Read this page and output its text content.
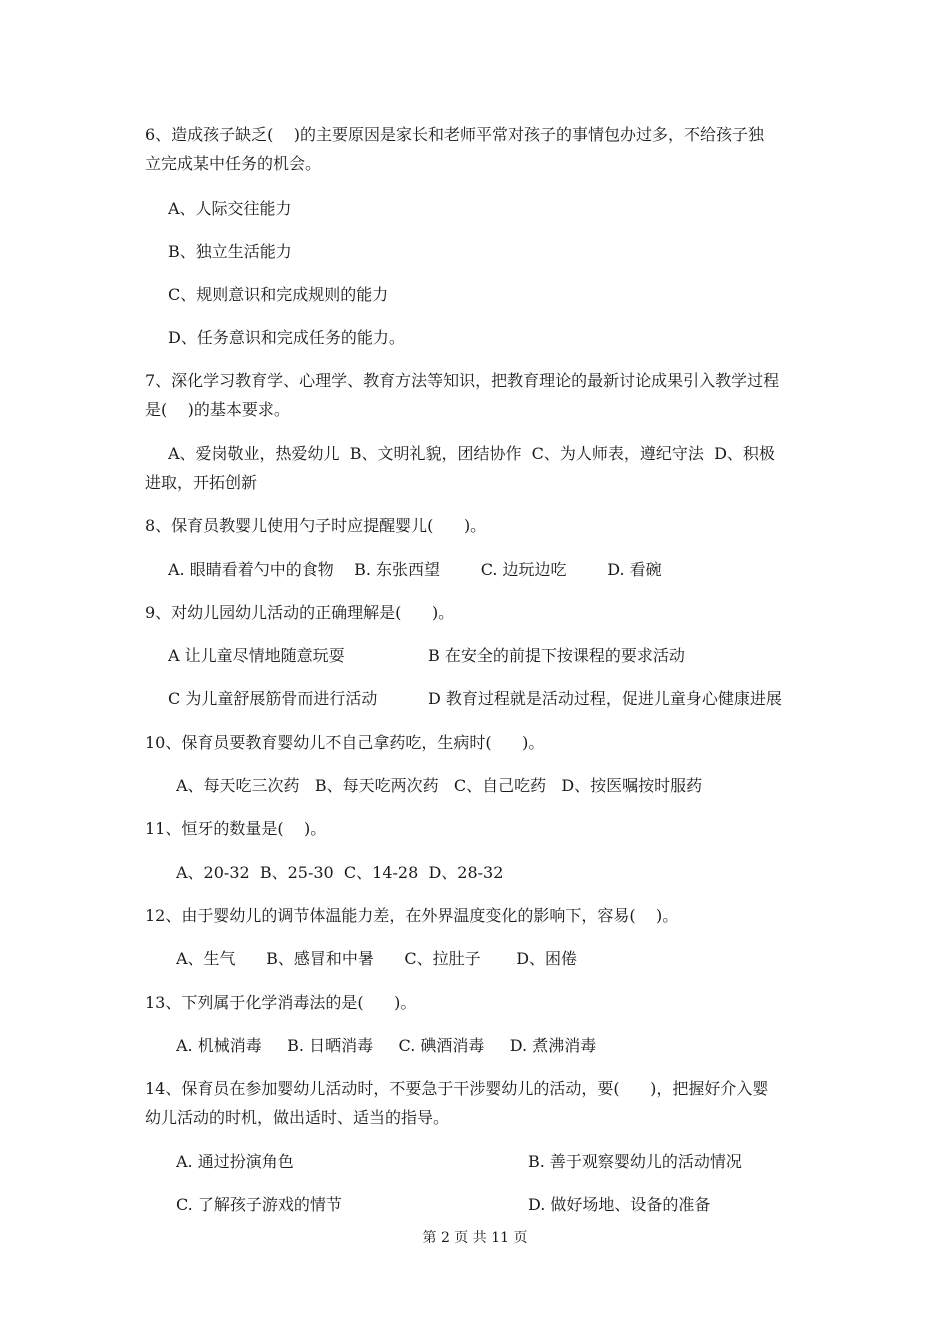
6、造成孩子缺乏(    )的主要原因是家长和老师平常对孩子的事情包办过多，不给孩子独

立完成某中任务的机会。

A、人际交往能力

B、独立生活能力

C、规则意识和完成规则的能力

D、任务意识和完成任务的能力。

7、深化学习教育学、心理学、教育方法等知识，把教育理论的最新讨论成果引入教学过程

是(    )的基本要求。

A、爱岗敬业，热爱幼儿  B、文明礼貌，团结协作  C、为人师表，遵纪守法  D、积极

进取，开拓创新

8、保育员教婴儿使用勺子时应提醒婴儿(      )。

A. 眼睛看着勺中的食物    B. 东张西望        C. 边玩边吃        D. 看碗

9、对幼儿园幼儿活动的正确理解是(      )。

A 让儿童尽情地随意玩耍	B 在安全的前提下按课程的要求活动

C 为儿童舒展筋骨而进行活动	D 教育过程就是活动过程，促进儿童身心健康进展

10、保育员要教育婴幼儿不自己拿药吃，生病时(      )。

A、每天吃三次药   B、每天吃两次药   C、自己吃药   D、按医嘱按时服药

11、恒牙的数量是(    )。

A、20-32  B、25-30  C、14-28  D、28-32

12、由于婴幼儿的调节体温能力差，在外界温度变化的影响下，容易(    )。

A、生气      B、感冒和中暑      C、拉肚子       D、困倦

13、下列属于化学消毒法的是(      )。

A. 机械消毒     B. 日晒消毒     C. 碘酒消毒     D. 煮沸消毒

14、保育员在参加婴幼儿活动时，不要急于干涉婴幼儿的活动，要(      )，把握好介入婴

幼儿活动的时机，做出适时、适当的指导。

A. 通过扮演角色	B. 善于观察婴幼儿的活动情况

C. 了解孩子游戏的情节	D. 做好场地、设备的准备

第 2 页 共 11 页
